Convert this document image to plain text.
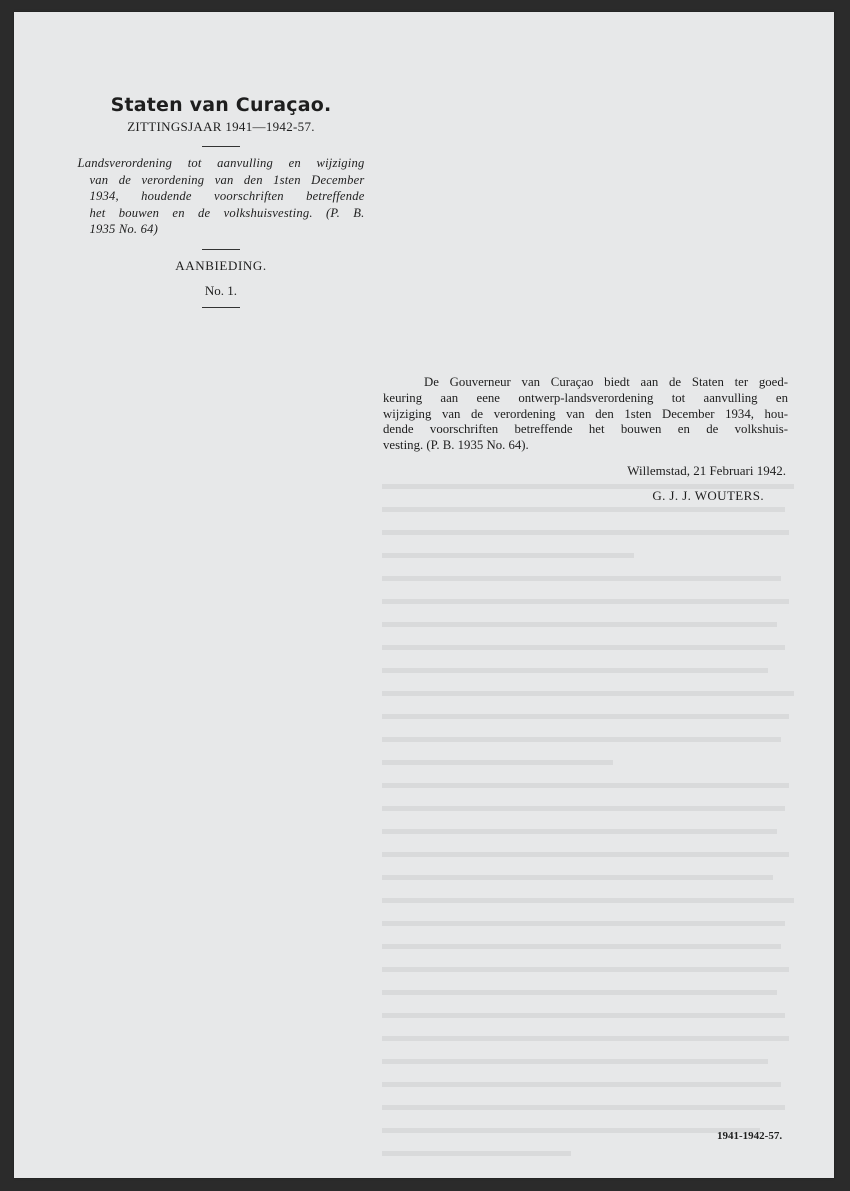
Staten van Curaçao.
ZITTINGSJAAR 1941—1942-57.
Landsverordening tot aanvulling en wijziging
van de verordening van den 1sten December
1934, houdende voorschriften betreffende
het bouwen en de volkshuisvesting. (P. B.
1935 No. 64)
AANBIEDING.
No. 1.

De Gouverneur van Curaçao biedt aan de Staten ter goed-
keuring aan eene ontwerp-landsverordening tot aanvulling en
wijziging van de verordening van den 1sten December 1934, hou-
dende voorschriften betreffende het bouwen en de volkshuis-
vesting. (P. B. 1935 No. 64).

Willemstad, 21 Februari 1942.
G. J. J. WOUTERS.
1941-1942-57.
